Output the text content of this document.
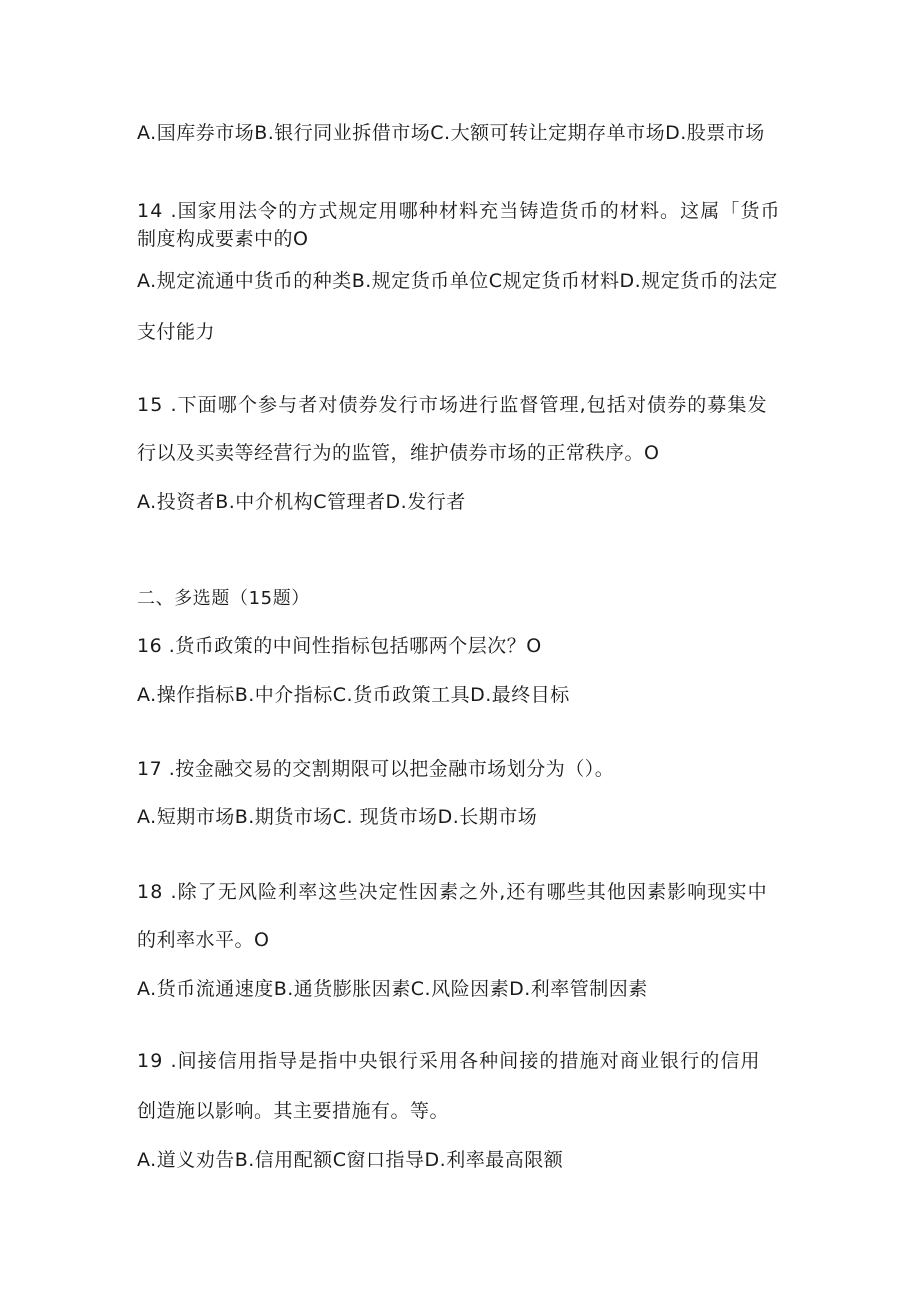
A.国库券市场B.银行同业拆借市场C.大额可转让定期存单市场D.股票市场
14 .国家用法令的方式规定用哪种材料充当铸造货币的材料。这属「货币
制度构成要素中的O
A.规定流通中货币的种类B.规定货币单位C规定货币材料D.规定货币的法定
支付能力
15 .下面哪个参与者对债券发行市场进行监督管理,包括对债券的募集发
行以及买卖等经营行为的监管，维护债券市场的正常秩序。O
A.投资者B.中介机构C管理者D.发行者
二、多选题（15题）
16 .货币政策的中间性指标包括哪两个层次？O
A.操作指标B.中介指标C.货币政策工具D.最终目标
17 .按金融交易的交割期限可以把金融市场划分为（）。
A.短期市场B.期货市场C. 现货市场D.长期市场
18 .除了无风险利率这些决定性因素之外,还有哪些其他因素影响现实中
的利率水平。O
A.货币流通速度B.通货膨胀因素C.风险因素D.利率管制因素
19 .间接信用指导是指中央银行采用各种间接的措施对商业银行的信用
创造施以影响。其主要措施有。等。
A.道义劝告B.信用配额C窗口指导D.利率最高限额
